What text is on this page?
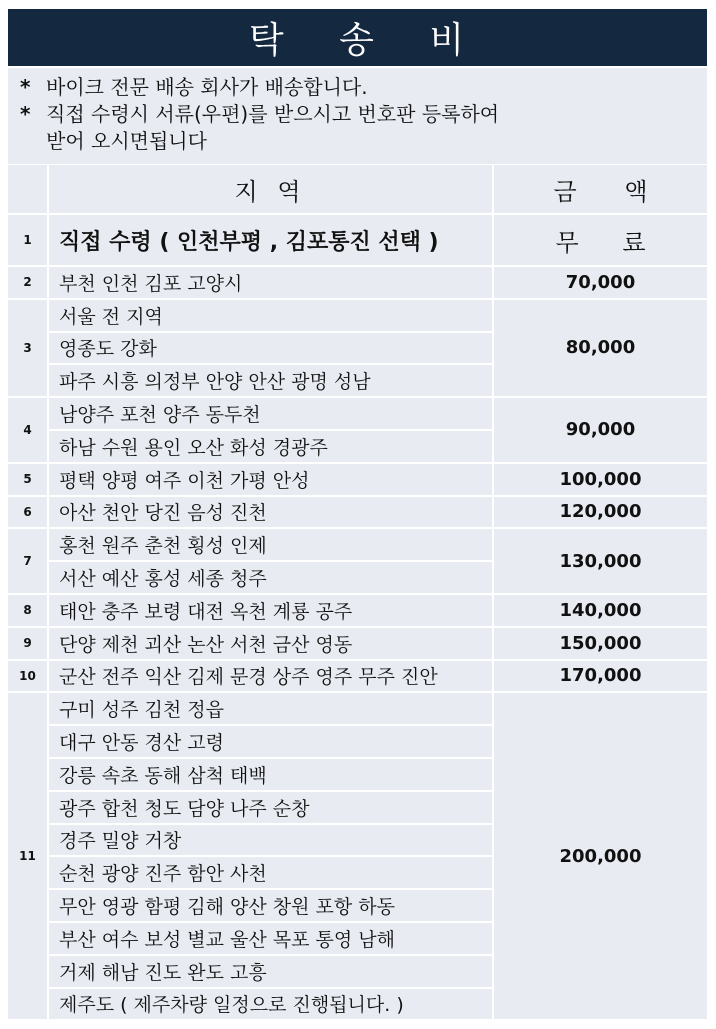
탁 송 비
* 바이크 전문 배송 회사가 배송합니다.
* 직접 수령시 서류(우편)를 받으시고 번호판 등록하여
받어 오시면됩니다
	지 역	금 액
1	직접 수령 ( 인천부평 , 김포통진 선택 )	무 료
2	부천 인천 김포 고양시	70,000
3	서울 전 지역	80,000
	영종도 강화	
	파주 시흥 의정부 안양 안산 광명 성남	
4	남양주 포천 양주 동두천	90,000
	하남 수원 용인 오산 화성 경광주	
5	평택 양평 여주 이천 가평 안성	100,000
6	아산 천안 당진 음성 진천	120,000
7	홍천 원주 춘천 횡성 인제	130,000
	서산 예산 홍성 세종 청주	
8	태안 충주 보령 대전 옥천 계룡 공주	140,000
9	단양 제천 괴산 논산 서천 금산 영동	150,000
10	군산 전주 익산 김제 문경 상주 영주 무주 진안	170,000
11	구미 성주 김천 정읍	200,000
	대구 안동 경산 고령	
	강릉 속초 동해 삼척 태백	
	광주 합천 청도 담양 나주 순창	
	경주 밀양 거창	
	순천 광양 진주 함안 사천	
	무안 영광 함평 김해 양산 창원 포항 하동	
	부산 여수 보성 별교 울산 목포 통영 남해	
	거제 해남 진도 완도 고흥	
	제주도 ( 제주차량 일정으로 진행됩니다. )	
